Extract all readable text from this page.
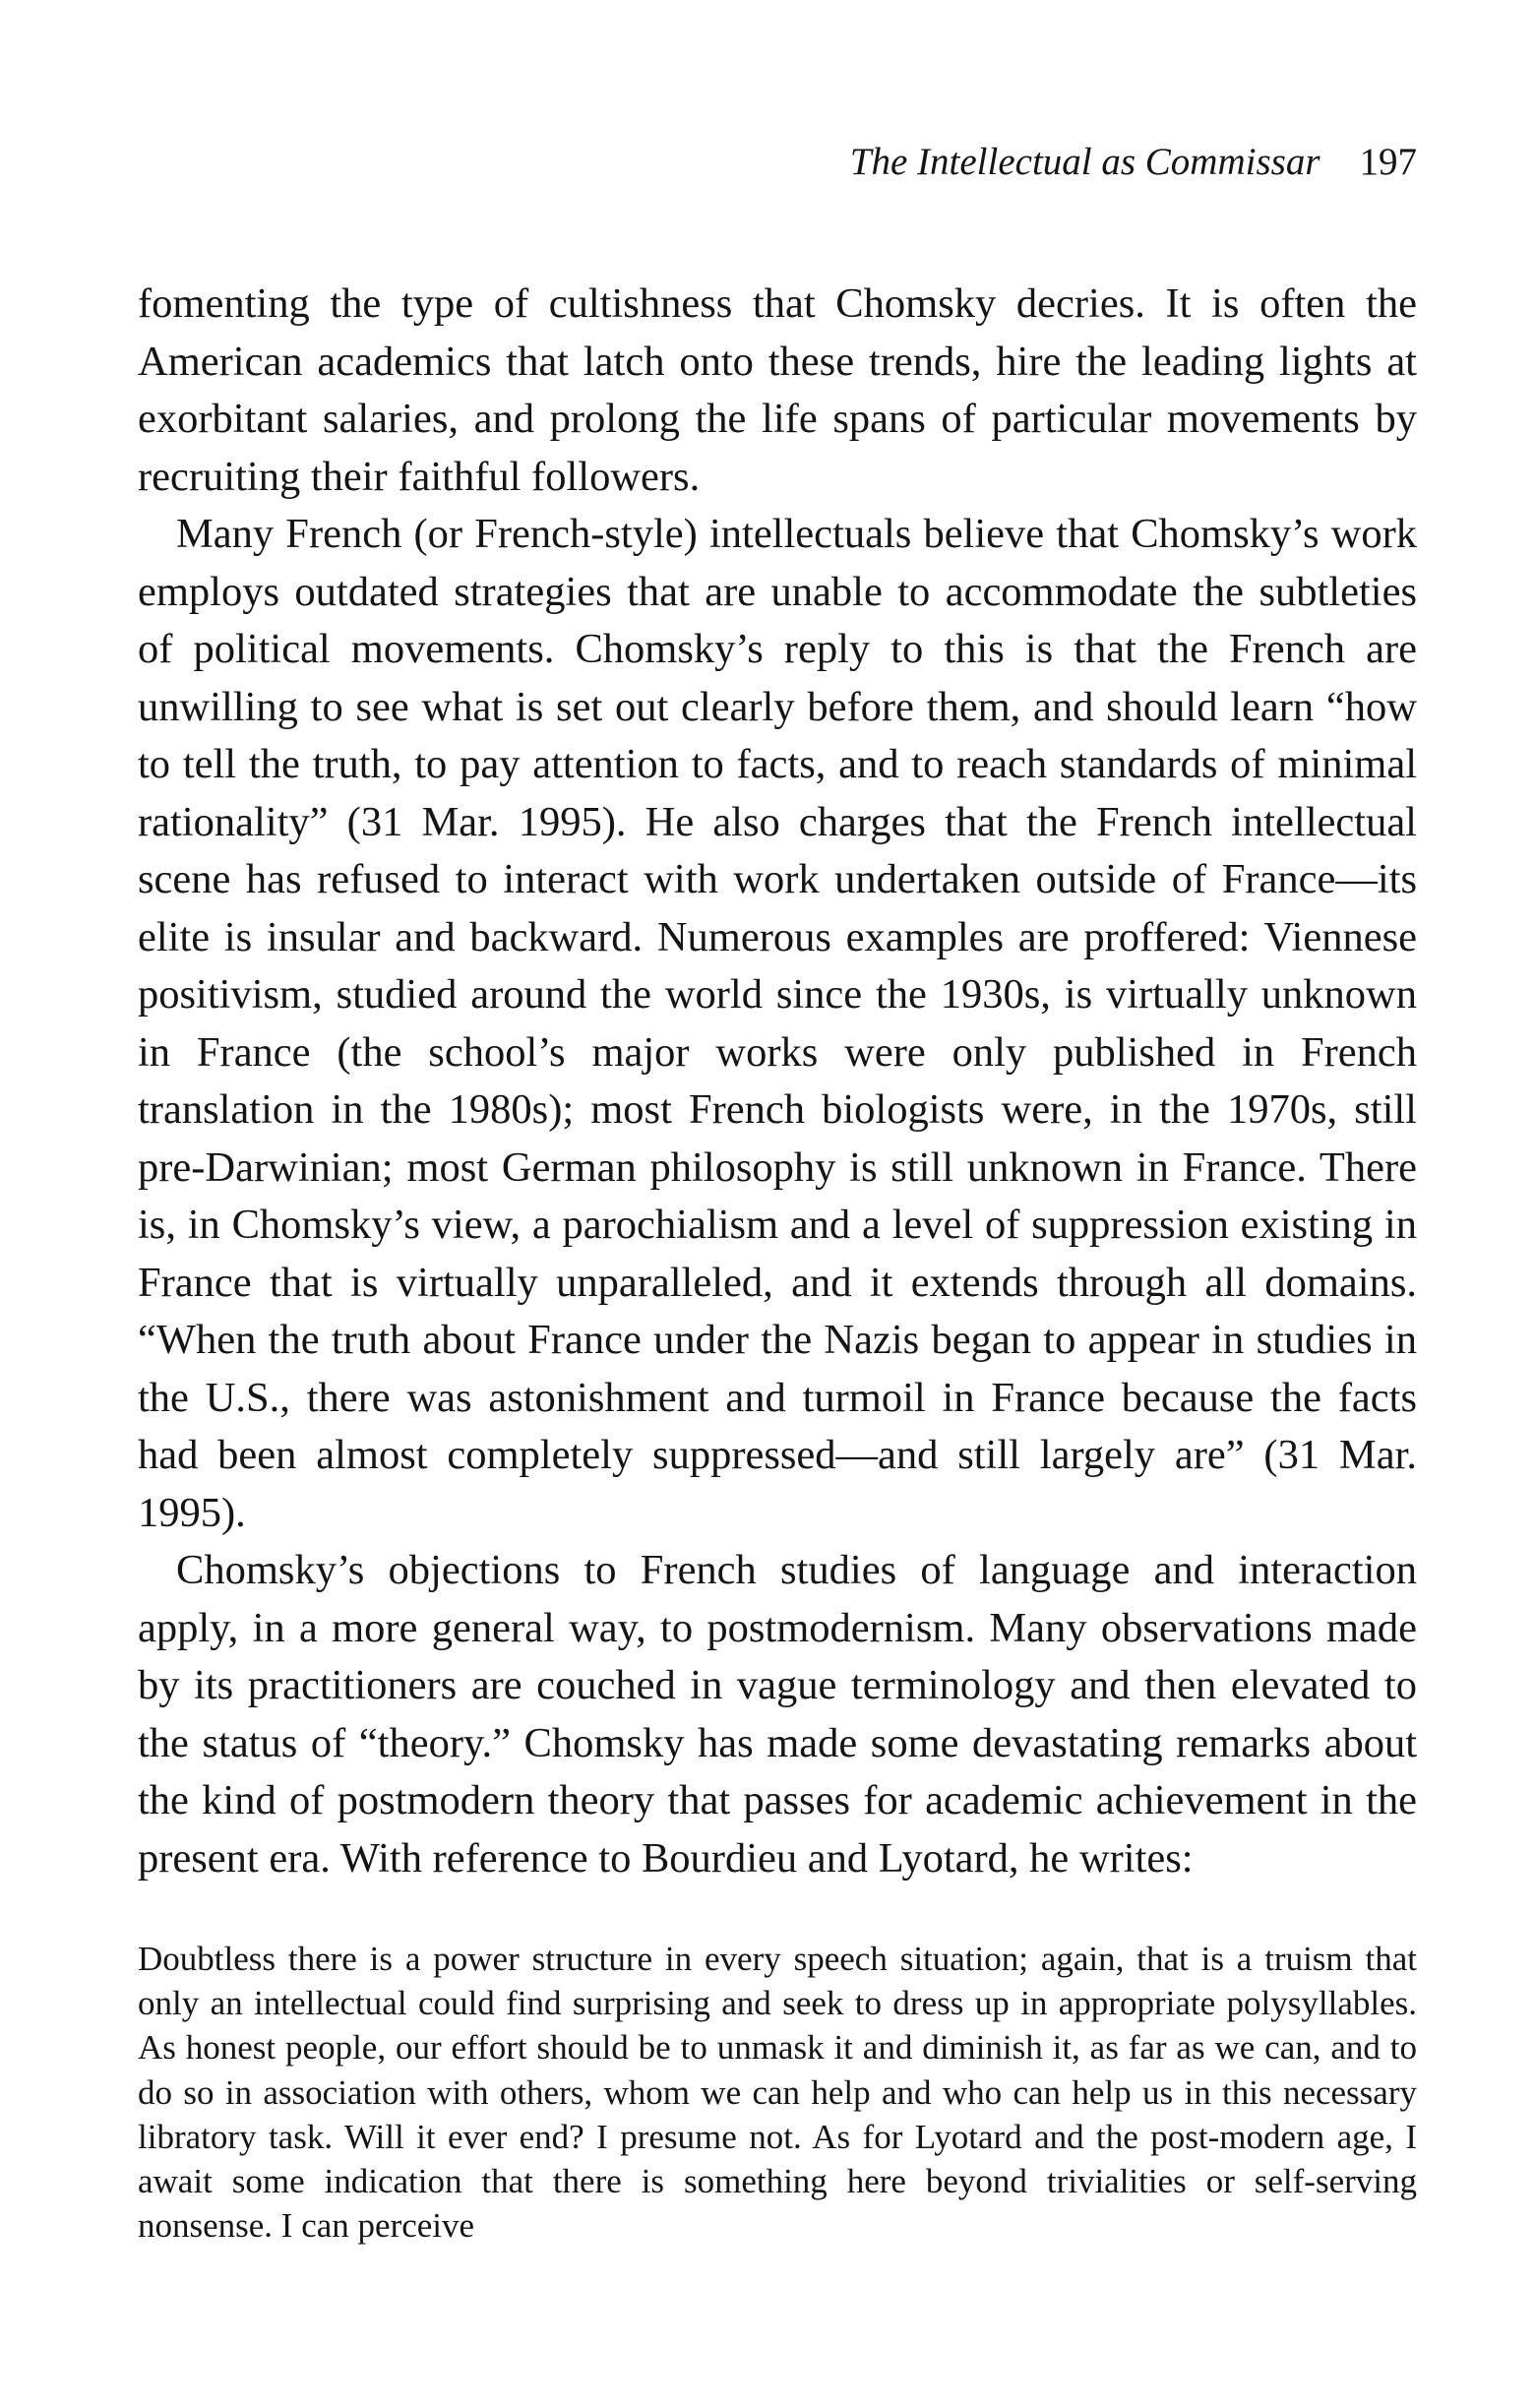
The Intellectual as Commissar 197

fomenting the type of cultishness that Chomsky decries. It is often the American academics that latch onto these trends, hire the leading lights at exorbitant salaries, and prolong the life spans of particular movements by recruiting their faithful followers.

Many French (or French-style) intellectuals believe that Chomsky’s work employs outdated strategies that are unable to accommodate the subtleties of political movements. Chomsky’s reply to this is that the French are unwilling to see what is set out clearly before them, and should learn “how to tell the truth, to pay attention to facts, and to reach standards of minimal rationality” (31 Mar. 1995). He also charges that the French intellectual scene has refused to interact with work undertaken outside of France—its elite is insular and backward. Numerous examples are proffered: Viennese positivism, studied around the world since the 1930s, is virtually unknown in France (the school’s major works were only published in French translation in the 1980s); most French biologists were, in the 1970s, still pre-Darwinian; most German philosophy is still unknown in France. There is, in Chomsky’s view, a parochialism and a level of suppression existing in France that is virtually unparalleled, and it extends through all domains. “When the truth about France under the Nazis began to appear in studies in the U.S., there was astonishment and turmoil in France because the facts had been almost completely suppressed—and still largely are” (31 Mar. 1995).

Chomsky’s objections to French studies of language and interaction apply, in a more general way, to postmodernism. Many observations made by its practitioners are couched in vague terminology and then elevated to the status of “theory.” Chomsky has made some devastating remarks about the kind of postmodern theory that passes for academic achievement in the present era. With reference to Bourdieu and Lyotard, he writes:

Doubtless there is a power structure in every speech situation; again, that is a truism that only an intellectual could find surprising and seek to dress up in appropriate polysyllables. As honest people, our effort should be to unmask it and diminish it, as far as we can, and to do so in association with others, whom we can help and who can help us in this necessary libratory task. Will it ever end? I presume not. As for Lyotard and the post-modern age, I await some indication that there is something here beyond trivialities or self-serving nonsense. I can perceive
